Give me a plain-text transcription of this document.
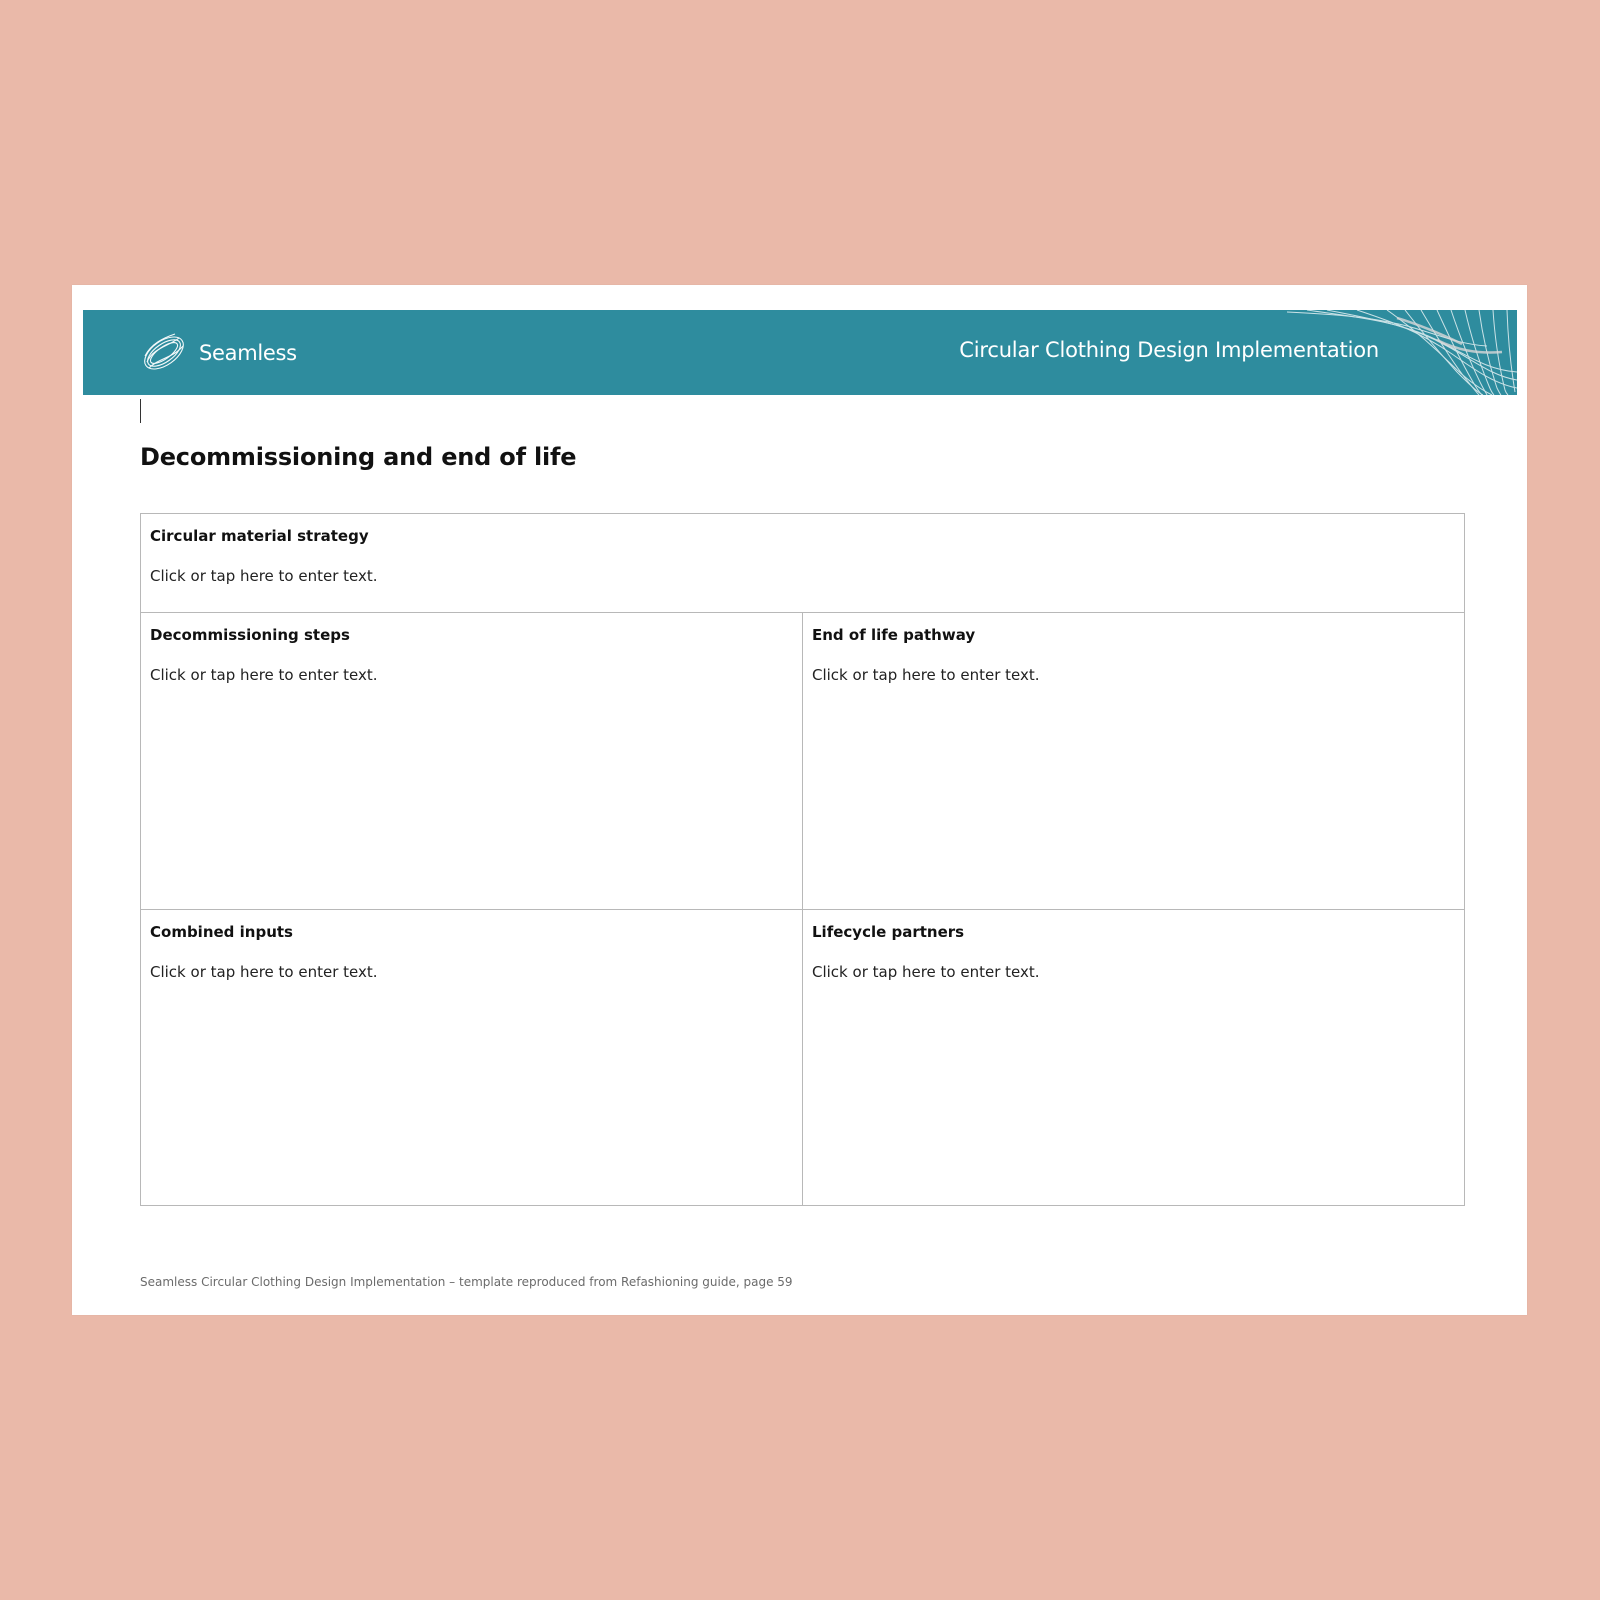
Seamless	Circular Clothing Design Implementation
Decommissioning and end of life

Circular material strategy

Click or tap here to enter text.

Decommissioning steps

Click or tap here to enter text.

End of life pathway

Click or tap here to enter text.

Combined inputs

Click or tap here to enter text.

Lifecycle partners

Click or tap here to enter text.

Seamless Circular Clothing Design Implementation – template reproduced from Refashioning guide, page 59
